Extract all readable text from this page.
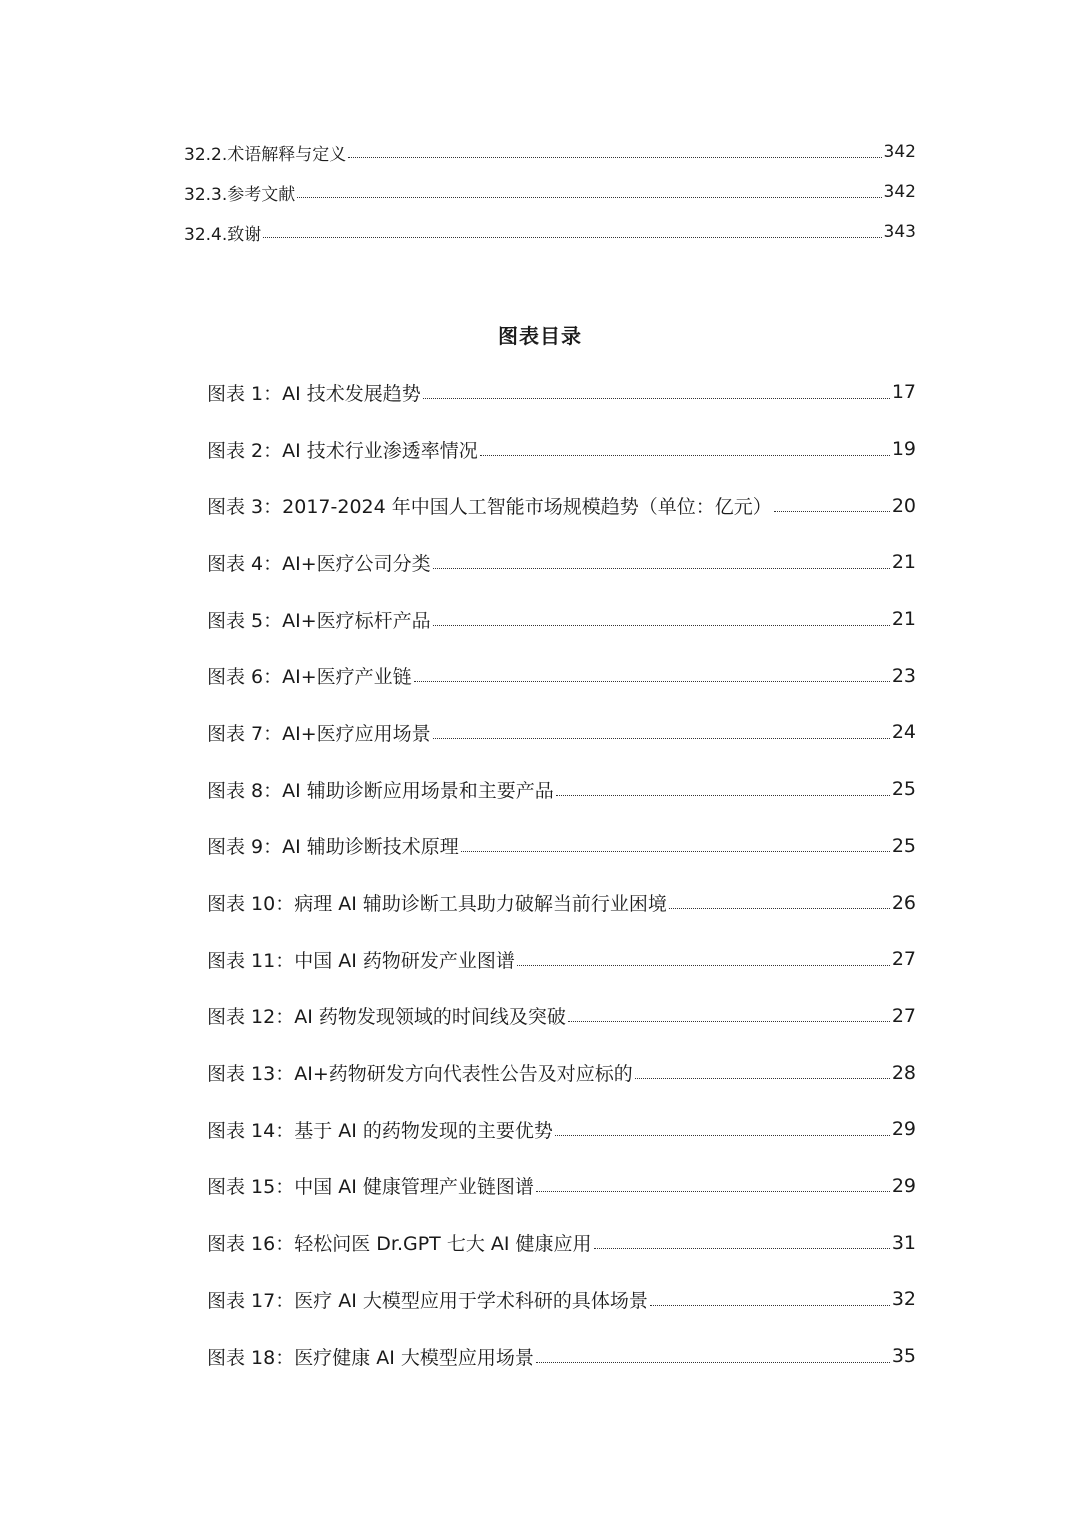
32.2.术语解释与定义	342
32.3.参考文献	342
32.4.致谢	343
图表目录
图表 1： AI 技术发展趋势	17
图表 2： AI 技术行业渗透率情况	19
图表 3： 2017-2024 年中国人工智能市场规模趋势（单位：亿元）	20
图表 4： AI+医疗公司分类	21
图表 5： AI+医疗标杆产品	21
图表 6： AI+医疗产业链	23
图表 7： AI+医疗应用场景	24
图表 8： AI 辅助诊断应用场景和主要产品	25
图表 9： AI 辅助诊断技术原理	25
图表 10： 病理 AI 辅助诊断工具助力破解当前行业困境	26
图表 11： 中国 AI 药物研发产业图谱	27
图表 12： AI 药物发现领域的时间线及突破	27
图表 13： AI+药物研发方向代表性公告及对应标的	28
图表 14： 基于 AI 的药物发现的主要优势	29
图表 15： 中国 AI 健康管理产业链图谱	29
图表 16： 轻松问医 Dr.GPT 七大 AI 健康应用	31
图表 17： 医疗 AI 大模型应用于学术科研的具体场景	32
图表 18： 医疗健康 AI 大模型应用场景	35
